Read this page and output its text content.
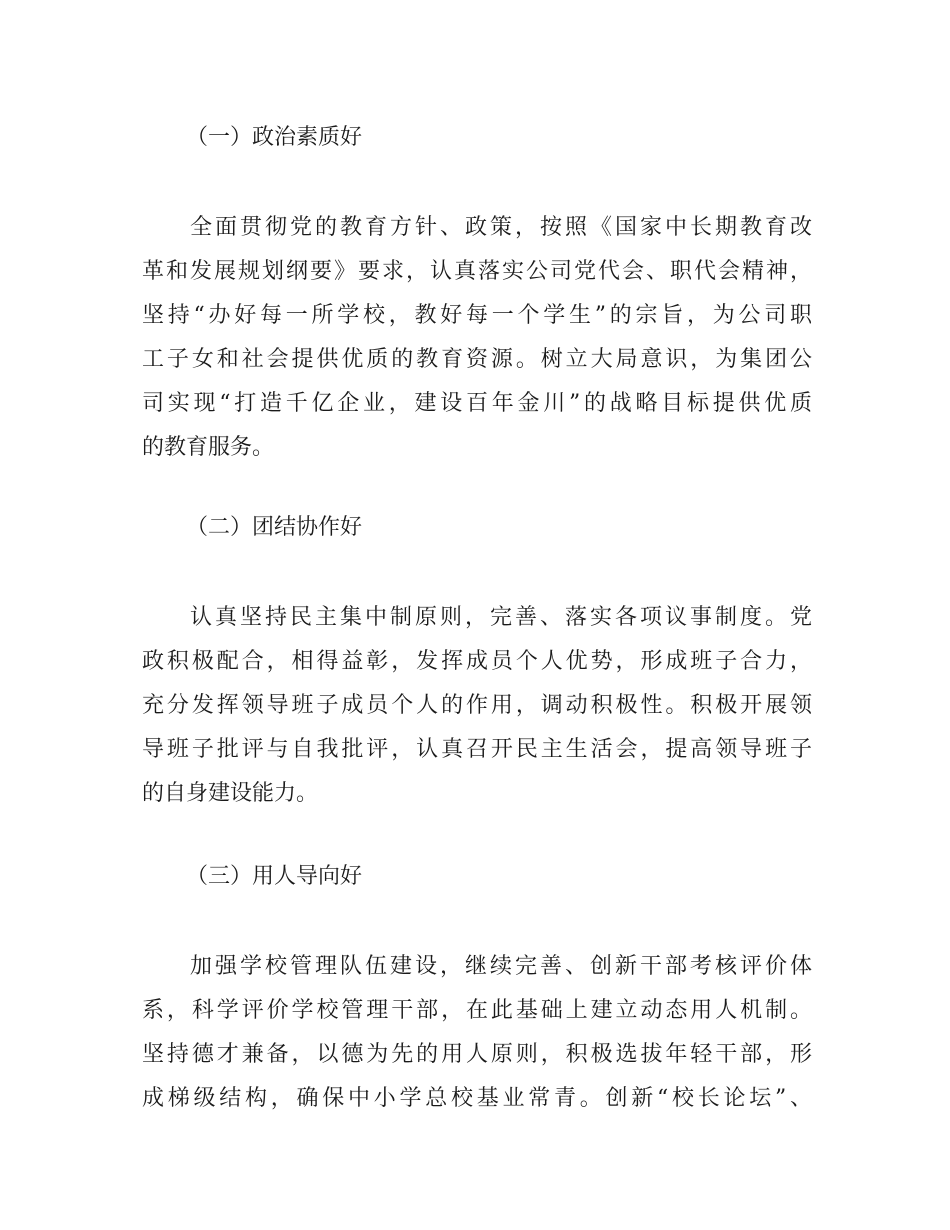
（一）政治素质好
全面贯彻党的教育方针、政策，按照《国家中长期教育改
革和发展规划纲要》要求，认真落实公司党代会、职代会精神，
坚持“办好每一所学校，教好每一个学生”的宗旨，为公司职
工子女和社会提供优质的教育资源。树立大局意识，为集团公
司实现“打造千亿企业，建设百年金川”的战略目标提供优质
的教育服务。
（二）团结协作好
认真坚持民主集中制原则，完善、落实各项议事制度。党
政积极配合，相得益彰，发挥成员个人优势，形成班子合力，
充分发挥领导班子成员个人的作用，调动积极性。积极开展领
导班子批评与自我批评，认真召开民主生活会，提高领导班子
的自身建设能力。
（三）用人导向好
加强学校管理队伍建设，继续完善、创新干部考核评价体
系，科学评价学校管理干部，在此基础上建立动态用人机制。
坚持德才兼备，以德为先的用人原则，积极选拔年轻干部，形
成梯级结构，确保中小学总校基业常青。创新“校长论坛”、
